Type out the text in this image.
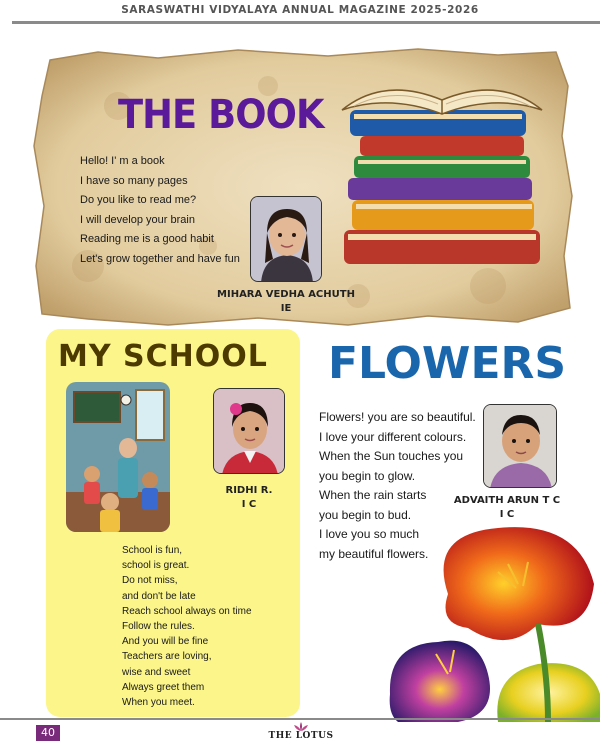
SARASWATHI VIDYALAYA ANNUAL MAGAZINE 2025-2026
THE BOOK
Hello! I' m a book
I have so many pages
Do you like to read me?
I will develop your brain
Reading me is a good habit
Let's grow together and have fun
MIHARA VEDHA ACHUTH
IE
MY SCHOOL
RIDHI R.
I C
School is fun,
school is great.
Do not miss,
and don't be late
Reach school always on time
Follow the rules.
And you will be fine
Teachers are loving,
wise and sweet
Always greet them
When you meet.
FLOWERS
Flowers! you are so beautiful.
I love your different colours.
When the Sun touches you
you begin to glow.
When the rain starts
you begin to bud.
I love you so much
my beautiful flowers.
ADVAITH ARUN T C
I C
40	THE LOTUS
